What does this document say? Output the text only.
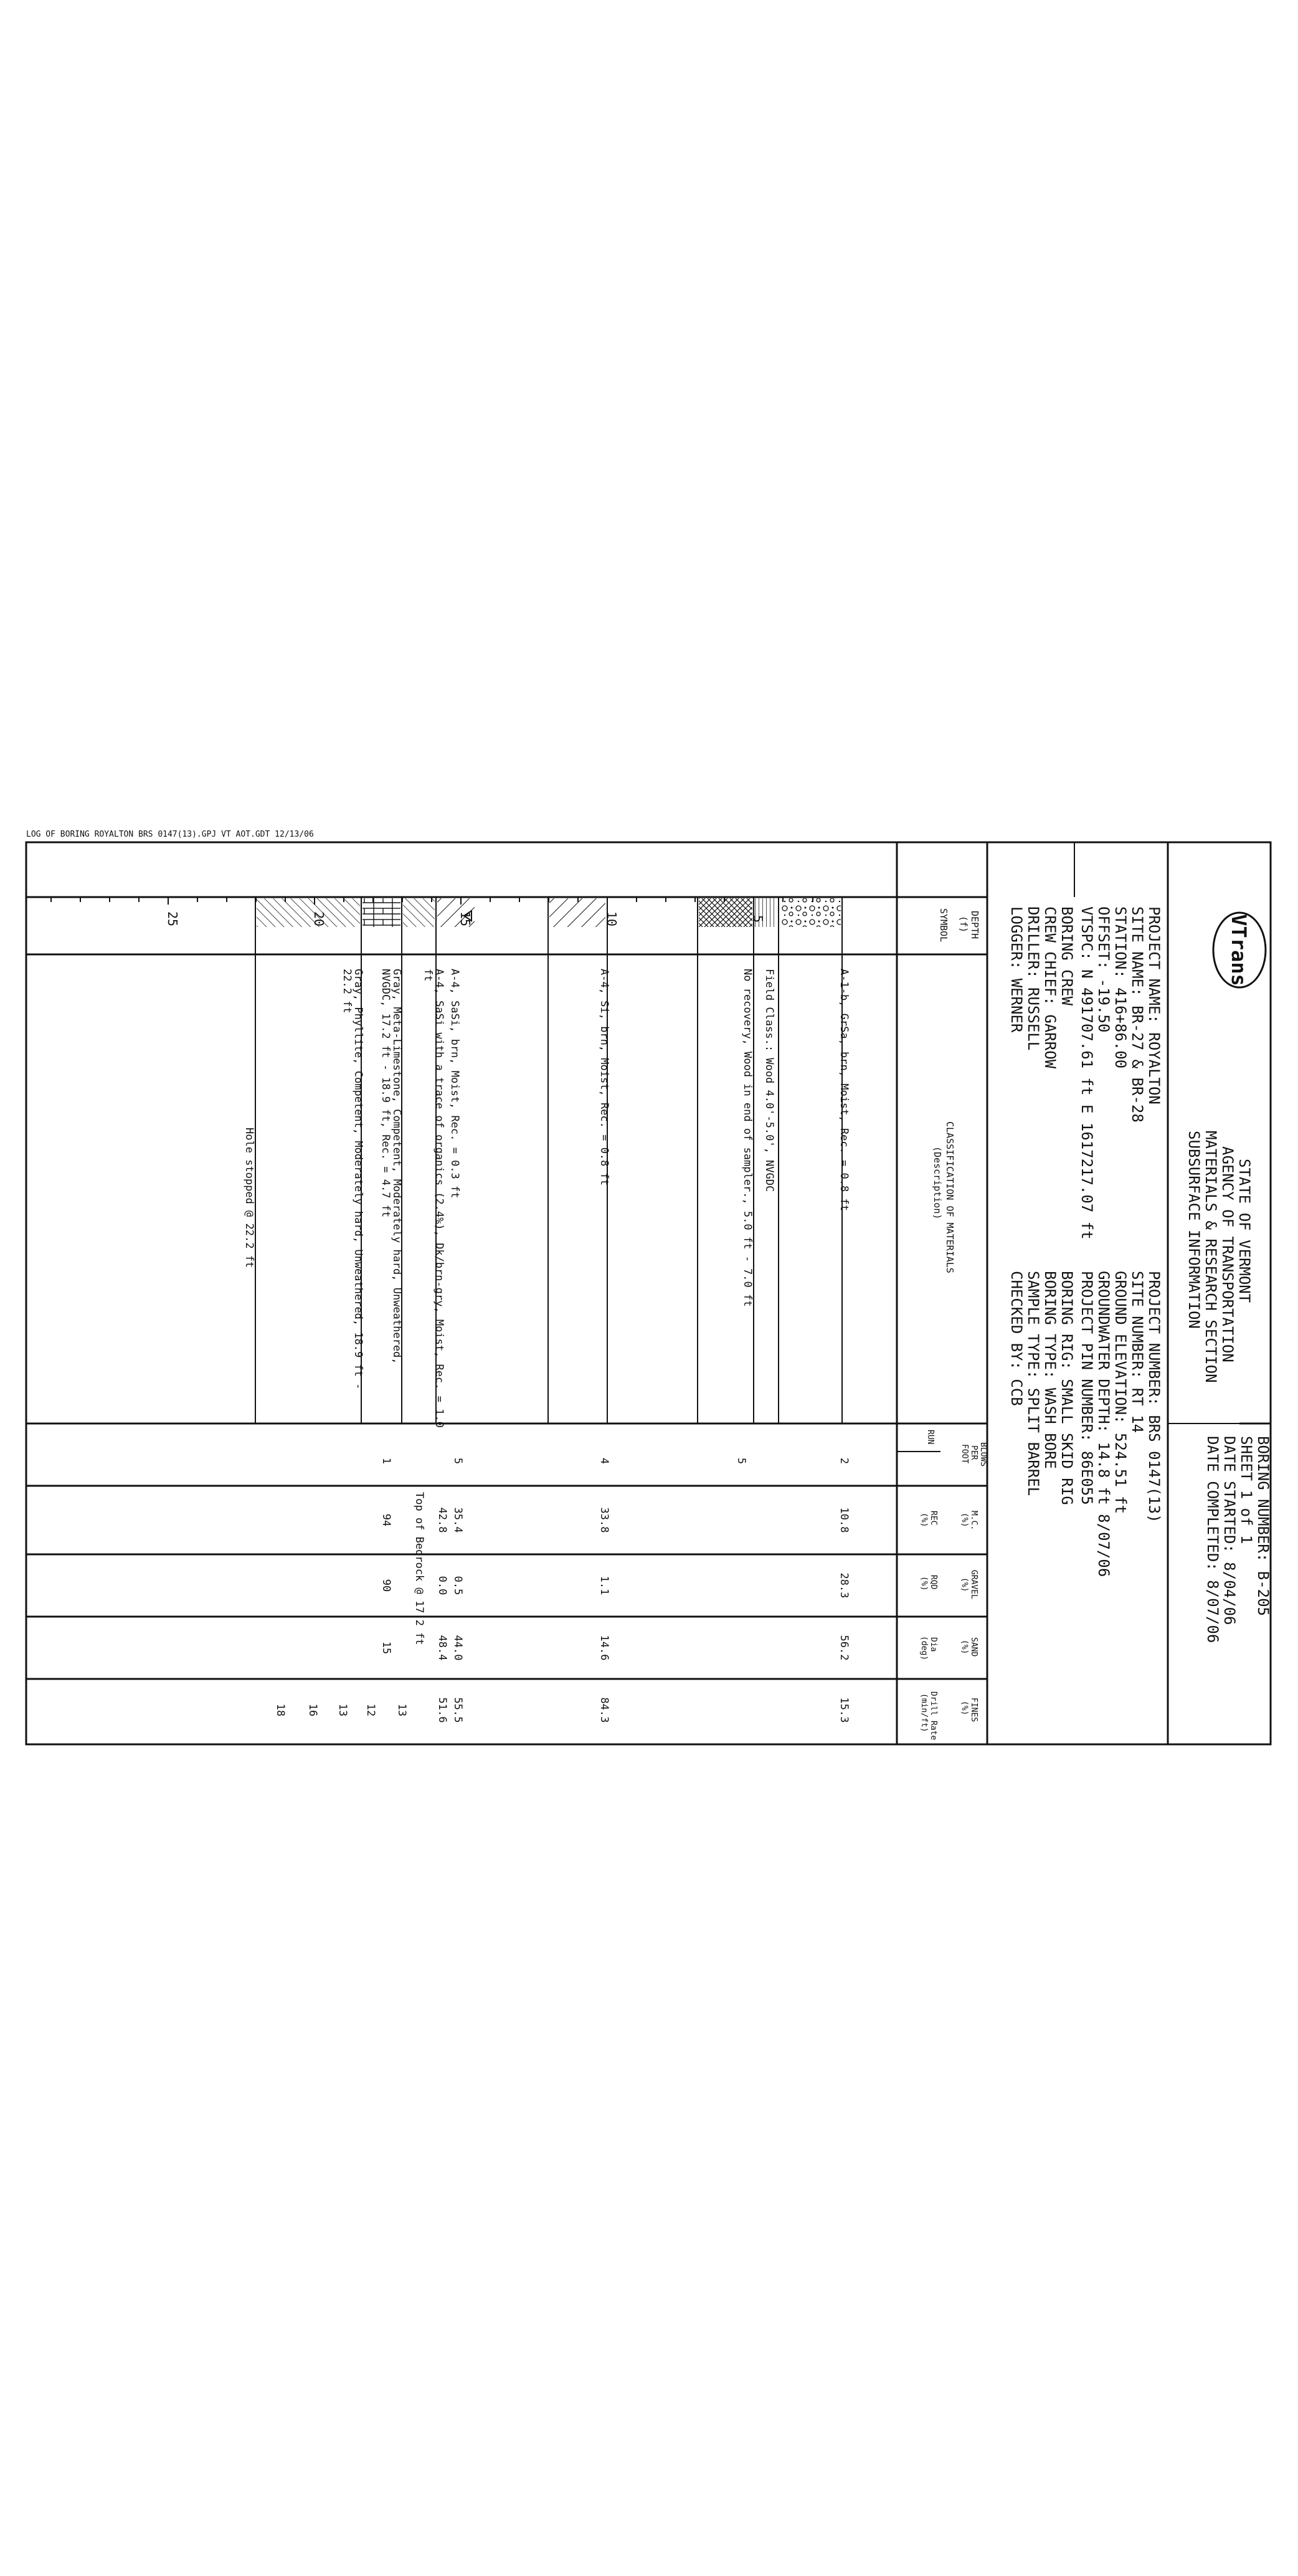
LOG OF BORING ROYALTON BRS 0147(13).GPJ VT AOT.GDT 12/13/06
5
10
15
20
25
STATE OF VERMONT
AGENCY OF TRANSPORTATION
MATERIALS & RESEARCH SECTION
SUBSURFACE INFORMATION
BORING NUMBER: B-205
SHEET 1 of 1
DATE STARTED: 8/04/06
DATE COMPLETED: 8/07/06
VTrans
PROJECT NAME: ROYALTON
SITE NAME: BR-27 & BR-28
STATION: 416+86.00
OFFSET: -19.50
VTSPC: N 491707.61 ft E 1617217.07 ft
PROJECT NUMBER: BRS 0147(13)
SITE NUMBER: RT 14
GROUND ELEVATION: 524.51 ft
GROUNDWATER DEPTH: 14.8 ft 8/07/06
PROJECT PIN NUMBER: 86E055
BORING CREW
CREW CHIEF: GARROW
DRILLER: RUSSELL
LOGGER: WERNER
BORING RIG: SMALL SKID RIG
BORING TYPE: WASH BORE
SAMPLE TYPE: SPLIT BARREL
CHECKED BY: CCB
DEPTH
(f)
SYMBOL
CLASSIFICATION OF MATERIALS
(Description)
BLOWS
PER
FOOT
RUN
M.C.
(%)
REC
(%)
GRAVEL
(%)
RQD
(%)
SAND
(%)
Dia
(deg)
FINES
(%)
Drill Rate
(min/ft)
A-1-b, GrSa, brn, Moist, Rec. = 0.8 ft
Field Class.: Wood 4.0'-5.0', NVGDC
No recovery, Wood in end of sampler., 5.0 ft - 7.0 ft
A-4, Si, brn, Moist, Rec. = 0.8 ft
A-4, SaSi, brn, Moist, Rec. = 0.3 ft
A-4, SaSi with a trace of organics (2.4%), Dk/brn-gry, Moist, Rec. = 1.0
ft
Gray, Meta-Limestone, Competent, Moderately hard, Unweathered,
NVGDC, 17.2 ft - 18.9 ft, Rec. = 4.7 ft
Gray, Phyllite, Competent, Moderately hard, Unweathered, 18.9 ft -
22.2 ft
Hole stopped @ 22.2 ft
2
10.8
28.3
56.2
15.3
5
4
33.8
1.1
14.6
84.3
5
35.4
0.5
44.0
55.5
42.8
0.0
48.4
51.6
Top of Bedrock @ 17.2 ft
1
94
90
15
13
12
13
16
18
